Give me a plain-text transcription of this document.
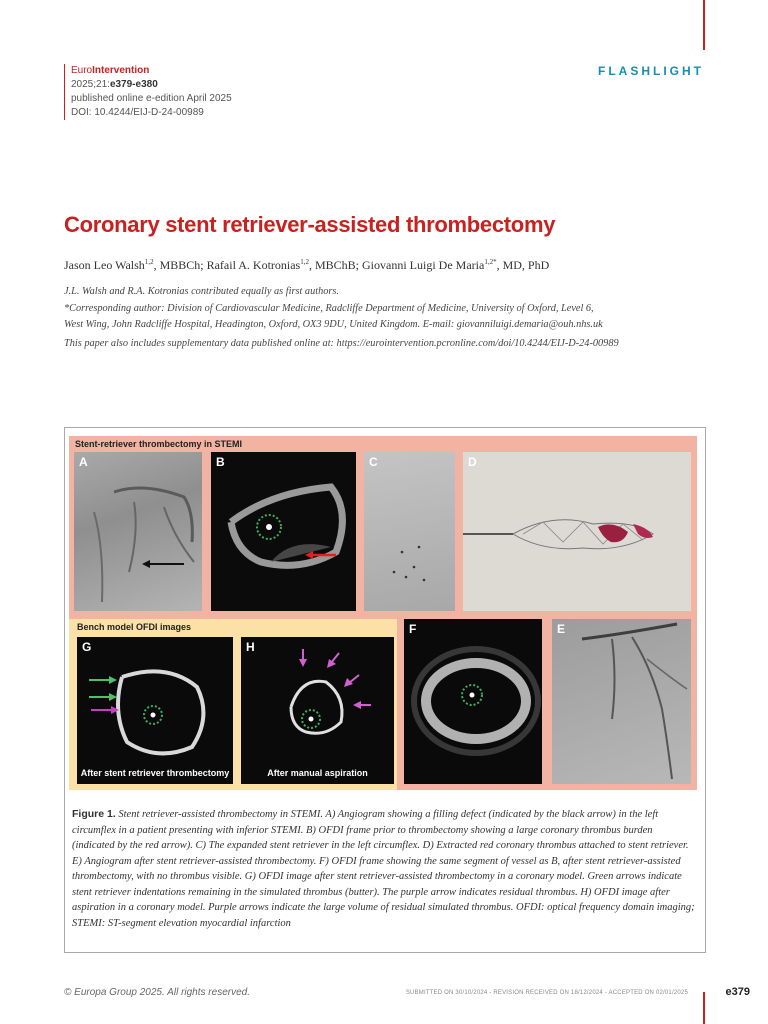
EuroIntervention
2025;21:e379-e380
published online e-edition April 2025
DOI: 10.4244/EIJ-D-24-00989
FLASHLIGHT
Coronary stent retriever-assisted thrombectomy
Jason Leo Walsh$^{1,2}$, MBBCh; Rafail A. Kotronias$^{1,2}$, MBChB; Giovanni Luigi De Maria$^{1,2*}$, MD, PhD

J.L. Walsh and R.A. Kotronias contributed equally as first authors.

*Corresponding author: Division of Cardiovascular Medicine, Radcliffe Department of Medicine, University of Oxford, Level 6,

West Wing, John Radcliffe Hospital, Headington, Oxford, OX3 9DU, United Kingdom. E-mail: giovanniluigi.demaria@ouh.nhs.uk

This paper also includes supplementary data published online at: https://eurointervention.pcronline.com/doi/10.4244/EIJ-D-24-00989

Stent-retriever thrombectomy in STEMI
Bench model OFDI images
A	B	C	D
G
After stent retriever thrombectomy
H
After manual aspiration
F	E
Figure 1. Stent retriever-assisted thrombectomy in STEMI. A) Angiogram showing a filling defect (indicated by the black arrow) in the left circumflex in a patient presenting with inferior STEMI. B) OFDI frame prior to thrombectomy showing a large coronary thrombus burden (indicated by the red arrow). C) The expanded stent retriever in the left circumflex. D) Extracted red coronary thrombus attached to stent retriever. E) Angiogram after stent retriever-assisted thrombectomy. F) OFDI frame showing the same segment of vessel as B, after stent retriever-assisted thrombectomy, with no thrombus visible. G) OFDI image after stent retriever-assisted thrombectomy in a coronary model. Green arrows indicate stent retriever indentations remaining in the simulated thrombus (butter). The purple arrow indicates residual thrombus. H) OFDI image after aspiration in a coronary model. Purple arrows indicate the large volume of residual simulated thrombus. OFDI: optical frequency domain imaging; STEMI: ST-segment elevation myocardial infarction
© Europa Group 2025. All rights reserved.	SUBMITTED ON 30/10/2024 - REVISION RECEIVED ON 18/12/2024 - ACCEPTED ON 02/01/2025	e379
